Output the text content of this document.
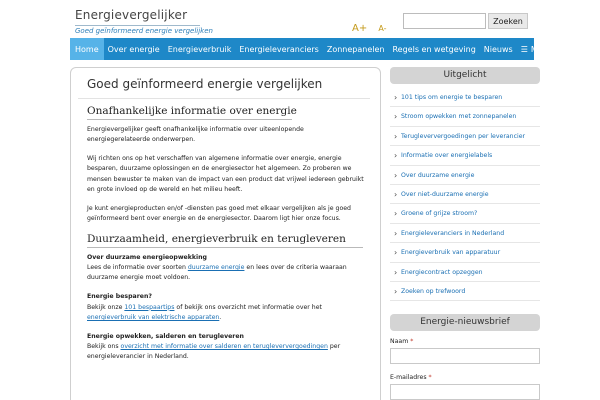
Energievergelijker
Goed geïnformeerd energie vergelijken	A+ A-
Zoeken
Home	Over energie	Energieverbruik	Energieleveranciers	Zonnepanelen	Regels en wetgeving	Nieuws	☰ Meer
Goed geïnformeerd energie vergelijken
Onafhankelijke informatie over energie

Energievergelijker geeft onafhankelijke informatie over uiteenlopende energiegerelateerde onderwerpen.

Wij richten ons op het verschaffen van algemene informatie over energie, energie besparen, duurzame oplossingen en de energiesector het algemeen. Zo proberen we mensen bewuster te maken van de impact van een product dat vrijwel iedereen gebruikt en grote invloed op de wereld en het milieu heeft.

Je kunt energieproducten en/of -diensten pas goed met elkaar vergelijken als je goed geïnformeerd bent over energie en de energiesector. Daarom ligt hier onze focus.

Duurzaamheid, energieverbruik en terugleveren
Over duurzame energieopwekking

Lees de informatie over soorten duurzame energie en lees over de criteria waaraan duurzame energie moet voldoen.

Energie besparen?

Bekijk onze 101 bespaartips of bekijk ons overzicht met informatie over het energieverbruik van elektrische apparaten.

Energie opwekken, salderen en terugleveren

Bekijk ons overzicht met informatie over salderen en terugleververgoedingen per energieleverancier in Nederland.

Uitgelicht
› 101 tips om energie te besparen
› Stroom opwekken met zonnepanelen
› Terugleververgoedingen per leverancier
› Informatie over energielabels
› Over duurzame energie
› Over niet-duurzame energie
› Groene of grijze stroom?
› Energieleveranciers in Nederland
› Energieverbruik van apparatuur
› Energiecontract opzeggen
› Zoeken op trefwoord
Energie-nieuwsbrief
Naam *
E-mailadres *
